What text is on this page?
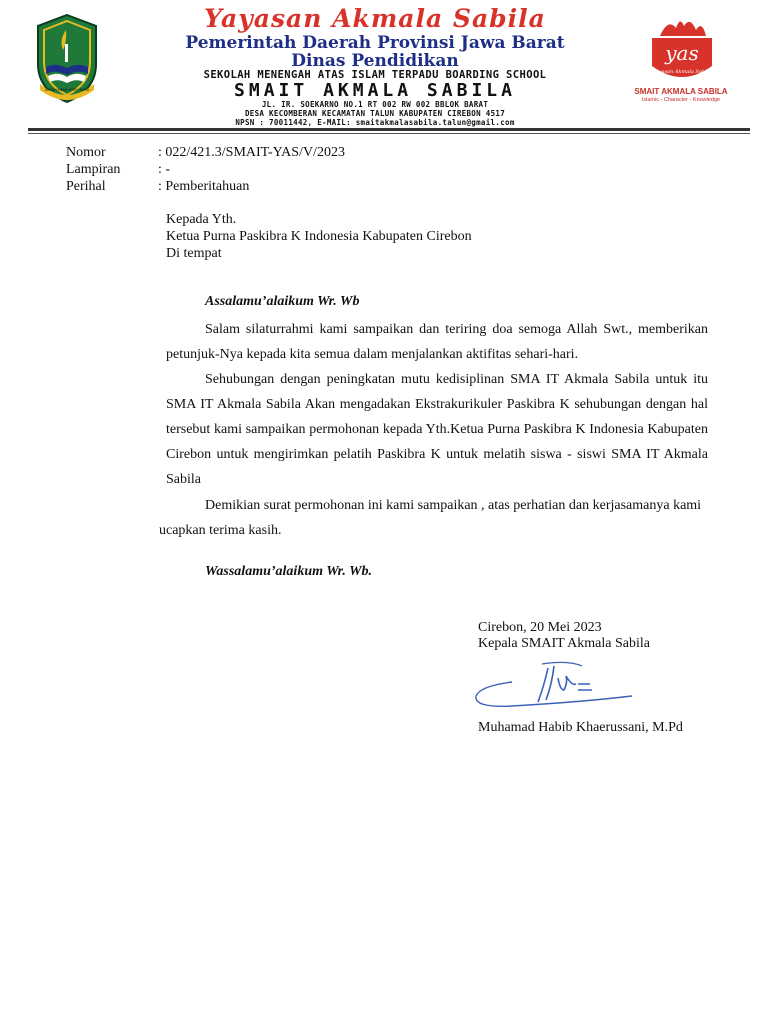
GEMAH RIPAH REPEH RAPIH
Yayasan Akmala Sabila
Pemerintah Daerah Provinsi Jawa Barat
Dinas Pendidikan
SEKOLAH MENENGAH ATAS ISLAM TERPADU BOARDING SCHOOL
SMAIT AKMALA SABILA
JL. IR. SOEKARNO NO.1 RT 002 RW 002 BBLOK BARAT
DESA KECOMBERAN KECAMATAN TALUN KABUPATEN CIREBON 4517
NPSN : 70011442, E-MAIL: smaitakmalasabila.talun@gmail.com
yas
Yayasan Akmala Sabila
SMAIT AKMALA SABILA
Islamic - Character - Knowledge
Nomor	: 022/421.3/SMAIT-YAS/V/2023
Lampiran	: -
Perihal	: Pemberitahuan
Kepada Yth.
Ketua Purna Paskibra K Indonesia Kabupaten Cirebon
Di tempat
Assalamu’alaikum Wr. Wb
Salam silaturrahmi kami sampaikan dan teriring doa semoga Allah Swt., memberikan petunjuk-Nya kepada kita semua dalam menjalankan aktifitas sehari-hari.
Sehubungan dengan peningkatan mutu kedisiplinan SMA IT Akmala Sabila untuk itu SMA IT Akmala Sabila Akan mengadakan Ekstrakurikuler Paskibra K sehubungan dengan hal tersebut kami sampaikan permohonan kepada Yth.Ketua Purna Paskibra K Indonesia Kabupaten Cirebon untuk mengirimkan pelatih Paskibra K untuk melatih siswa - siswi SMA IT Akmala Sabila
Demikian surat permohonan ini kami sampaikan , atas perhatian dan kerjasamanya kami ucapkan terima kasih.
Wassalamu’alaikum Wr. Wb.
Cirebon, 20 Mei 2023
Kepala SMAIT Akmala Sabila
Muhamad Habib Khaerussani, M.Pd
